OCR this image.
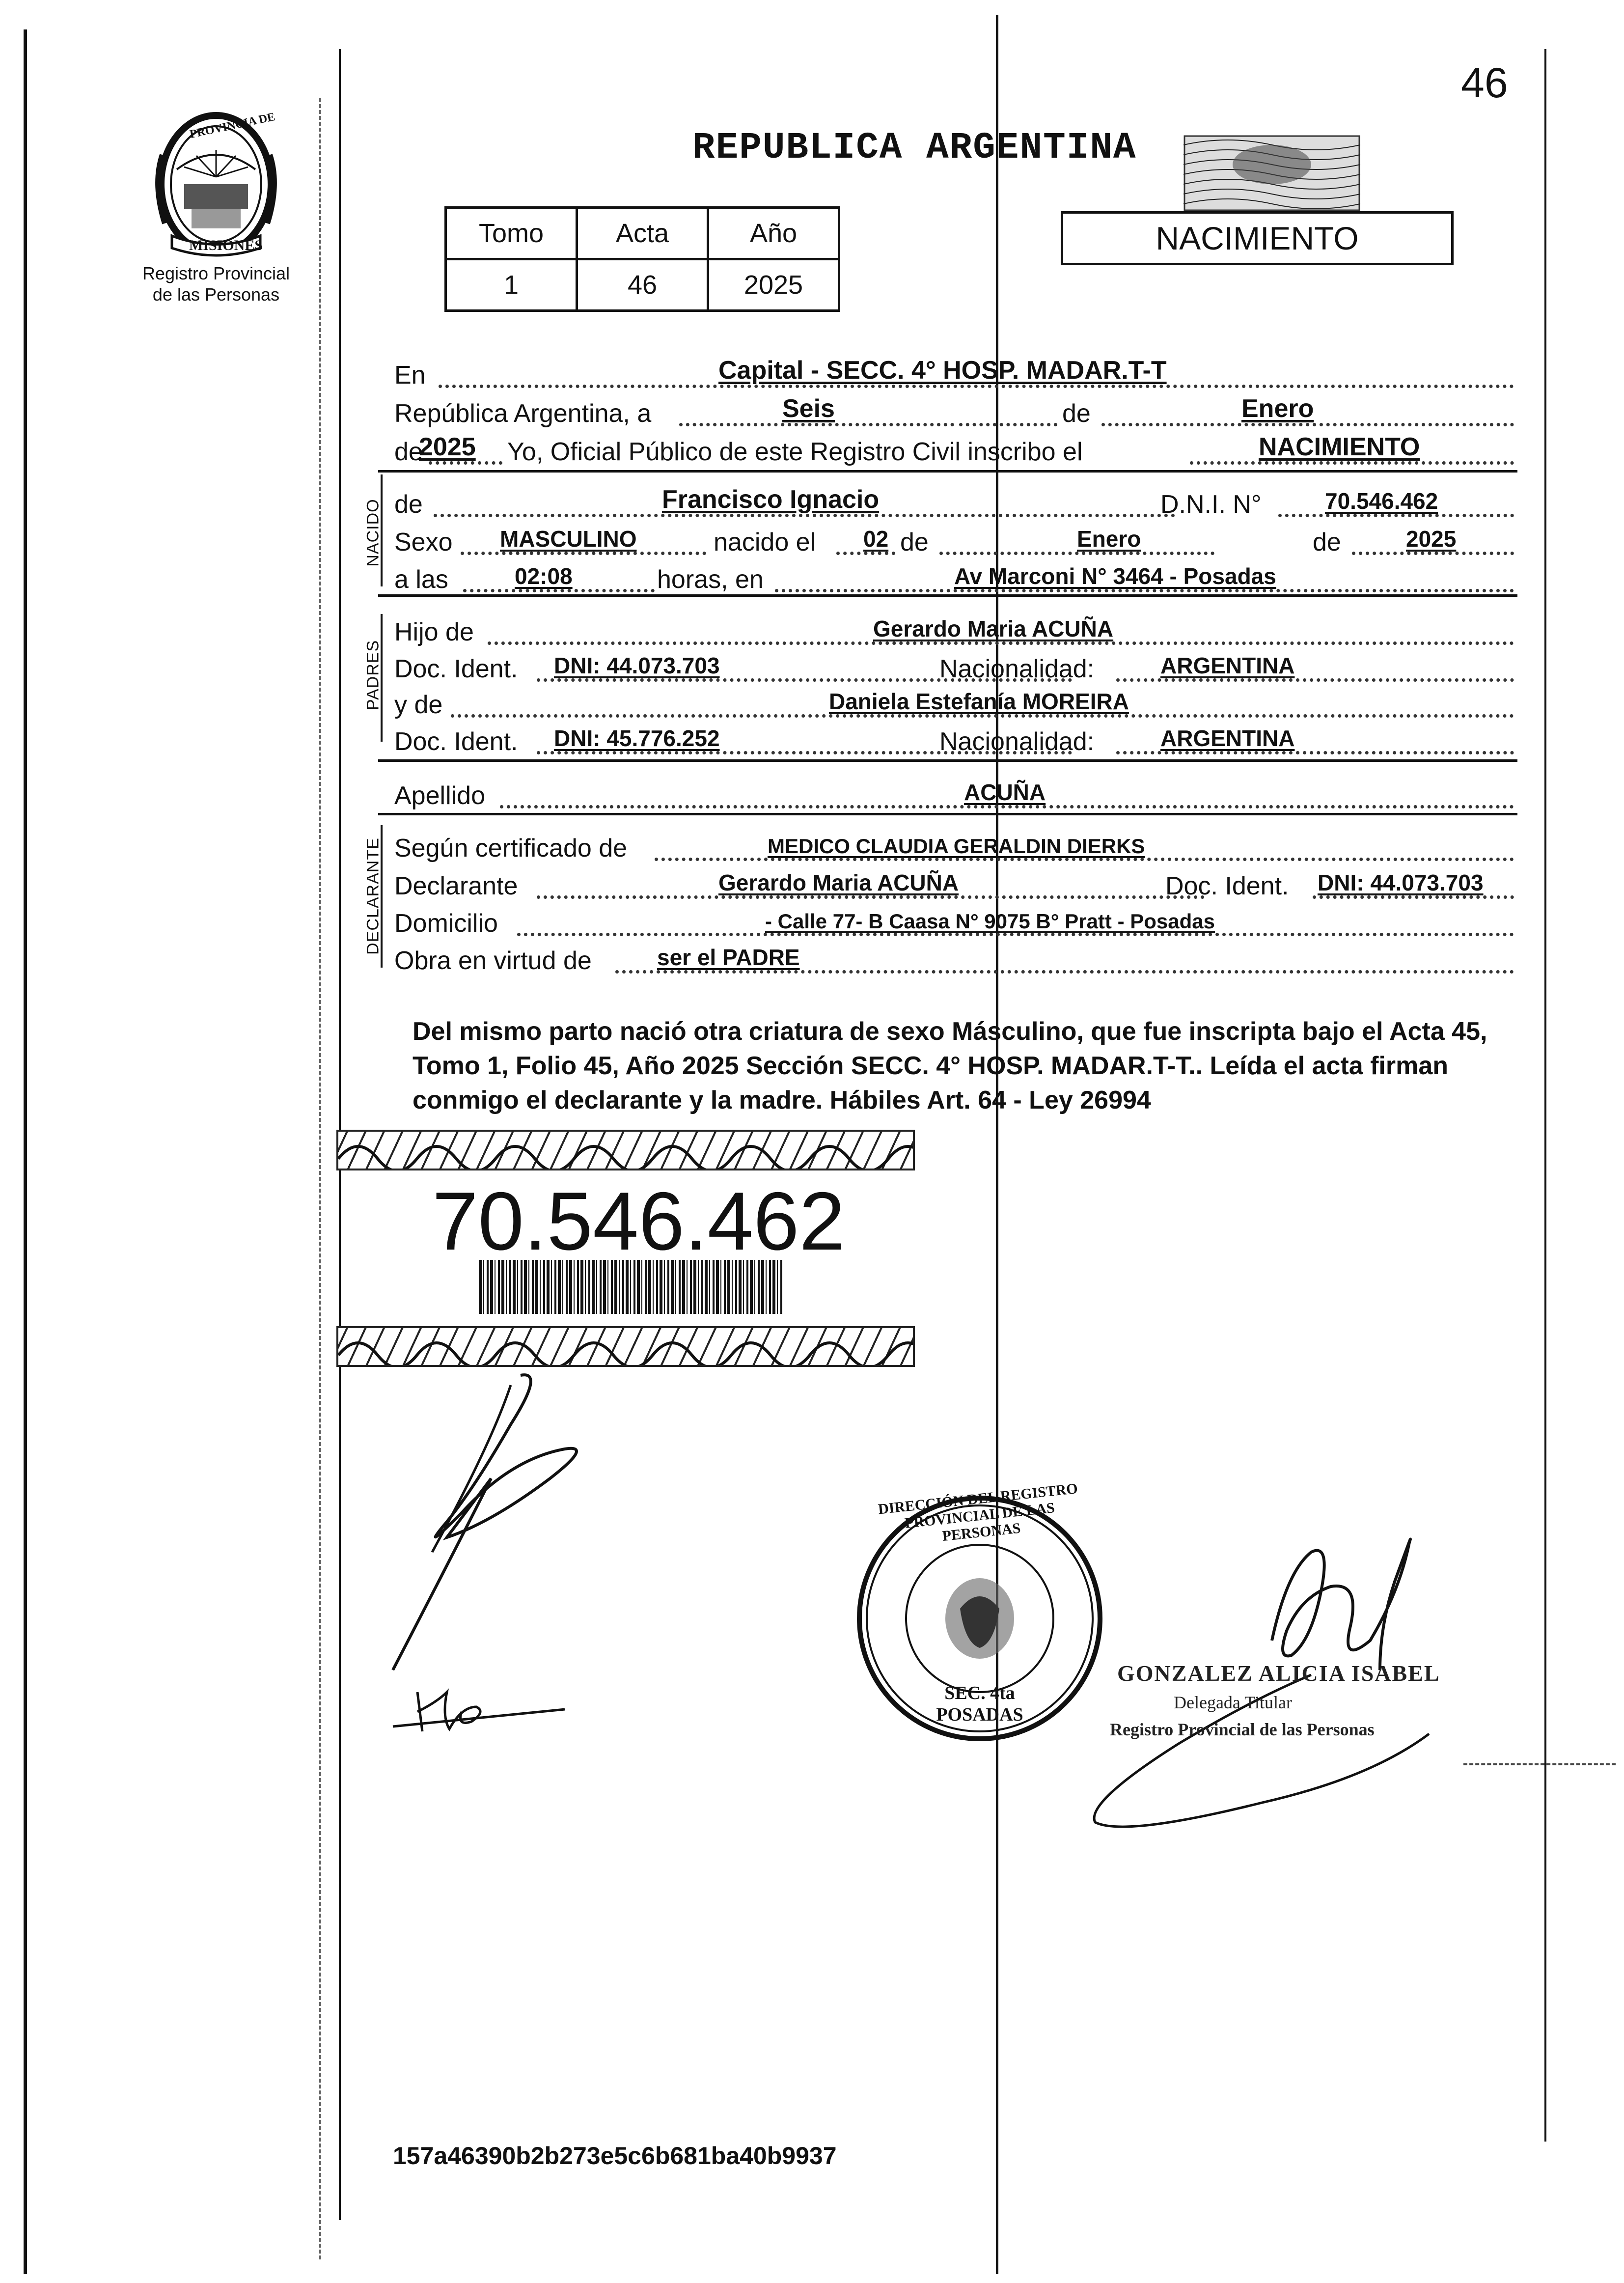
46
PROVINCIA DE
MISIONES
Registro Provincial
de las Personas
REPUBLICA ARGENTINA
Tomo	Acta	Año
1	46	2025
NACIMIENTO
En	Capital - SECC. 4° HOSP. MADAR.T-T
República Argentina, a	Seis	de	Enero
de
2025 Yo, Oficial Público de este Registro Civil inscribo el	NACIMIENTO
NACIDO de	Francisco Ignacio	D.N.I. N°	70.546.462
Sexo MASCULINO	nacido el 02 de	Enero	de	2025
a las	02:08	horas, en	Av Marconi N° 3464 - Posadas
PADRES
Hijo de	Gerardo Maria ACUÑA
Doc. Ident. DNI: 44.073.703	Nacionalidad:	ARGENTINA
y de	Daniela Estefanía MOREIRA
Doc. Ident. DNI: 45.776.252	Nacionalidad:	ARGENTINA
Apellido	ACUÑA
DECLARANTE Según certificado de	MEDICO CLAUDIA GERALDIN DIERKS
Declarante	Gerardo Maria ACUÑA	Doc. Ident. DNI: 44.073.703
Domicilio	- Calle 77- B Caasa N° 9075 B° Pratt - Posadas
Obra en virtud de	ser el PADRE
Del mismo parto nació otra criatura de sexo Másculino, que fue inscripta bajo el Acta 45, Tomo 1, Folio 45, Año 2025 Sección SECC. 4° HOSP. MADAR.T-T.. Leída el acta firman conmigo el declarante y la madre. Hábiles Art. 64 - Ley 26994
70.546.462
DIRECCIÓN DEL REGISTRO PROVINCIAL DE LAS PERSONAS
SEC. 4ta POSADAS
GONZALEZ ALICIA ISABEL
Delegada Titular
Registro Provincial de las Personas
157a46390b2b273e5c6b681ba40b9937
